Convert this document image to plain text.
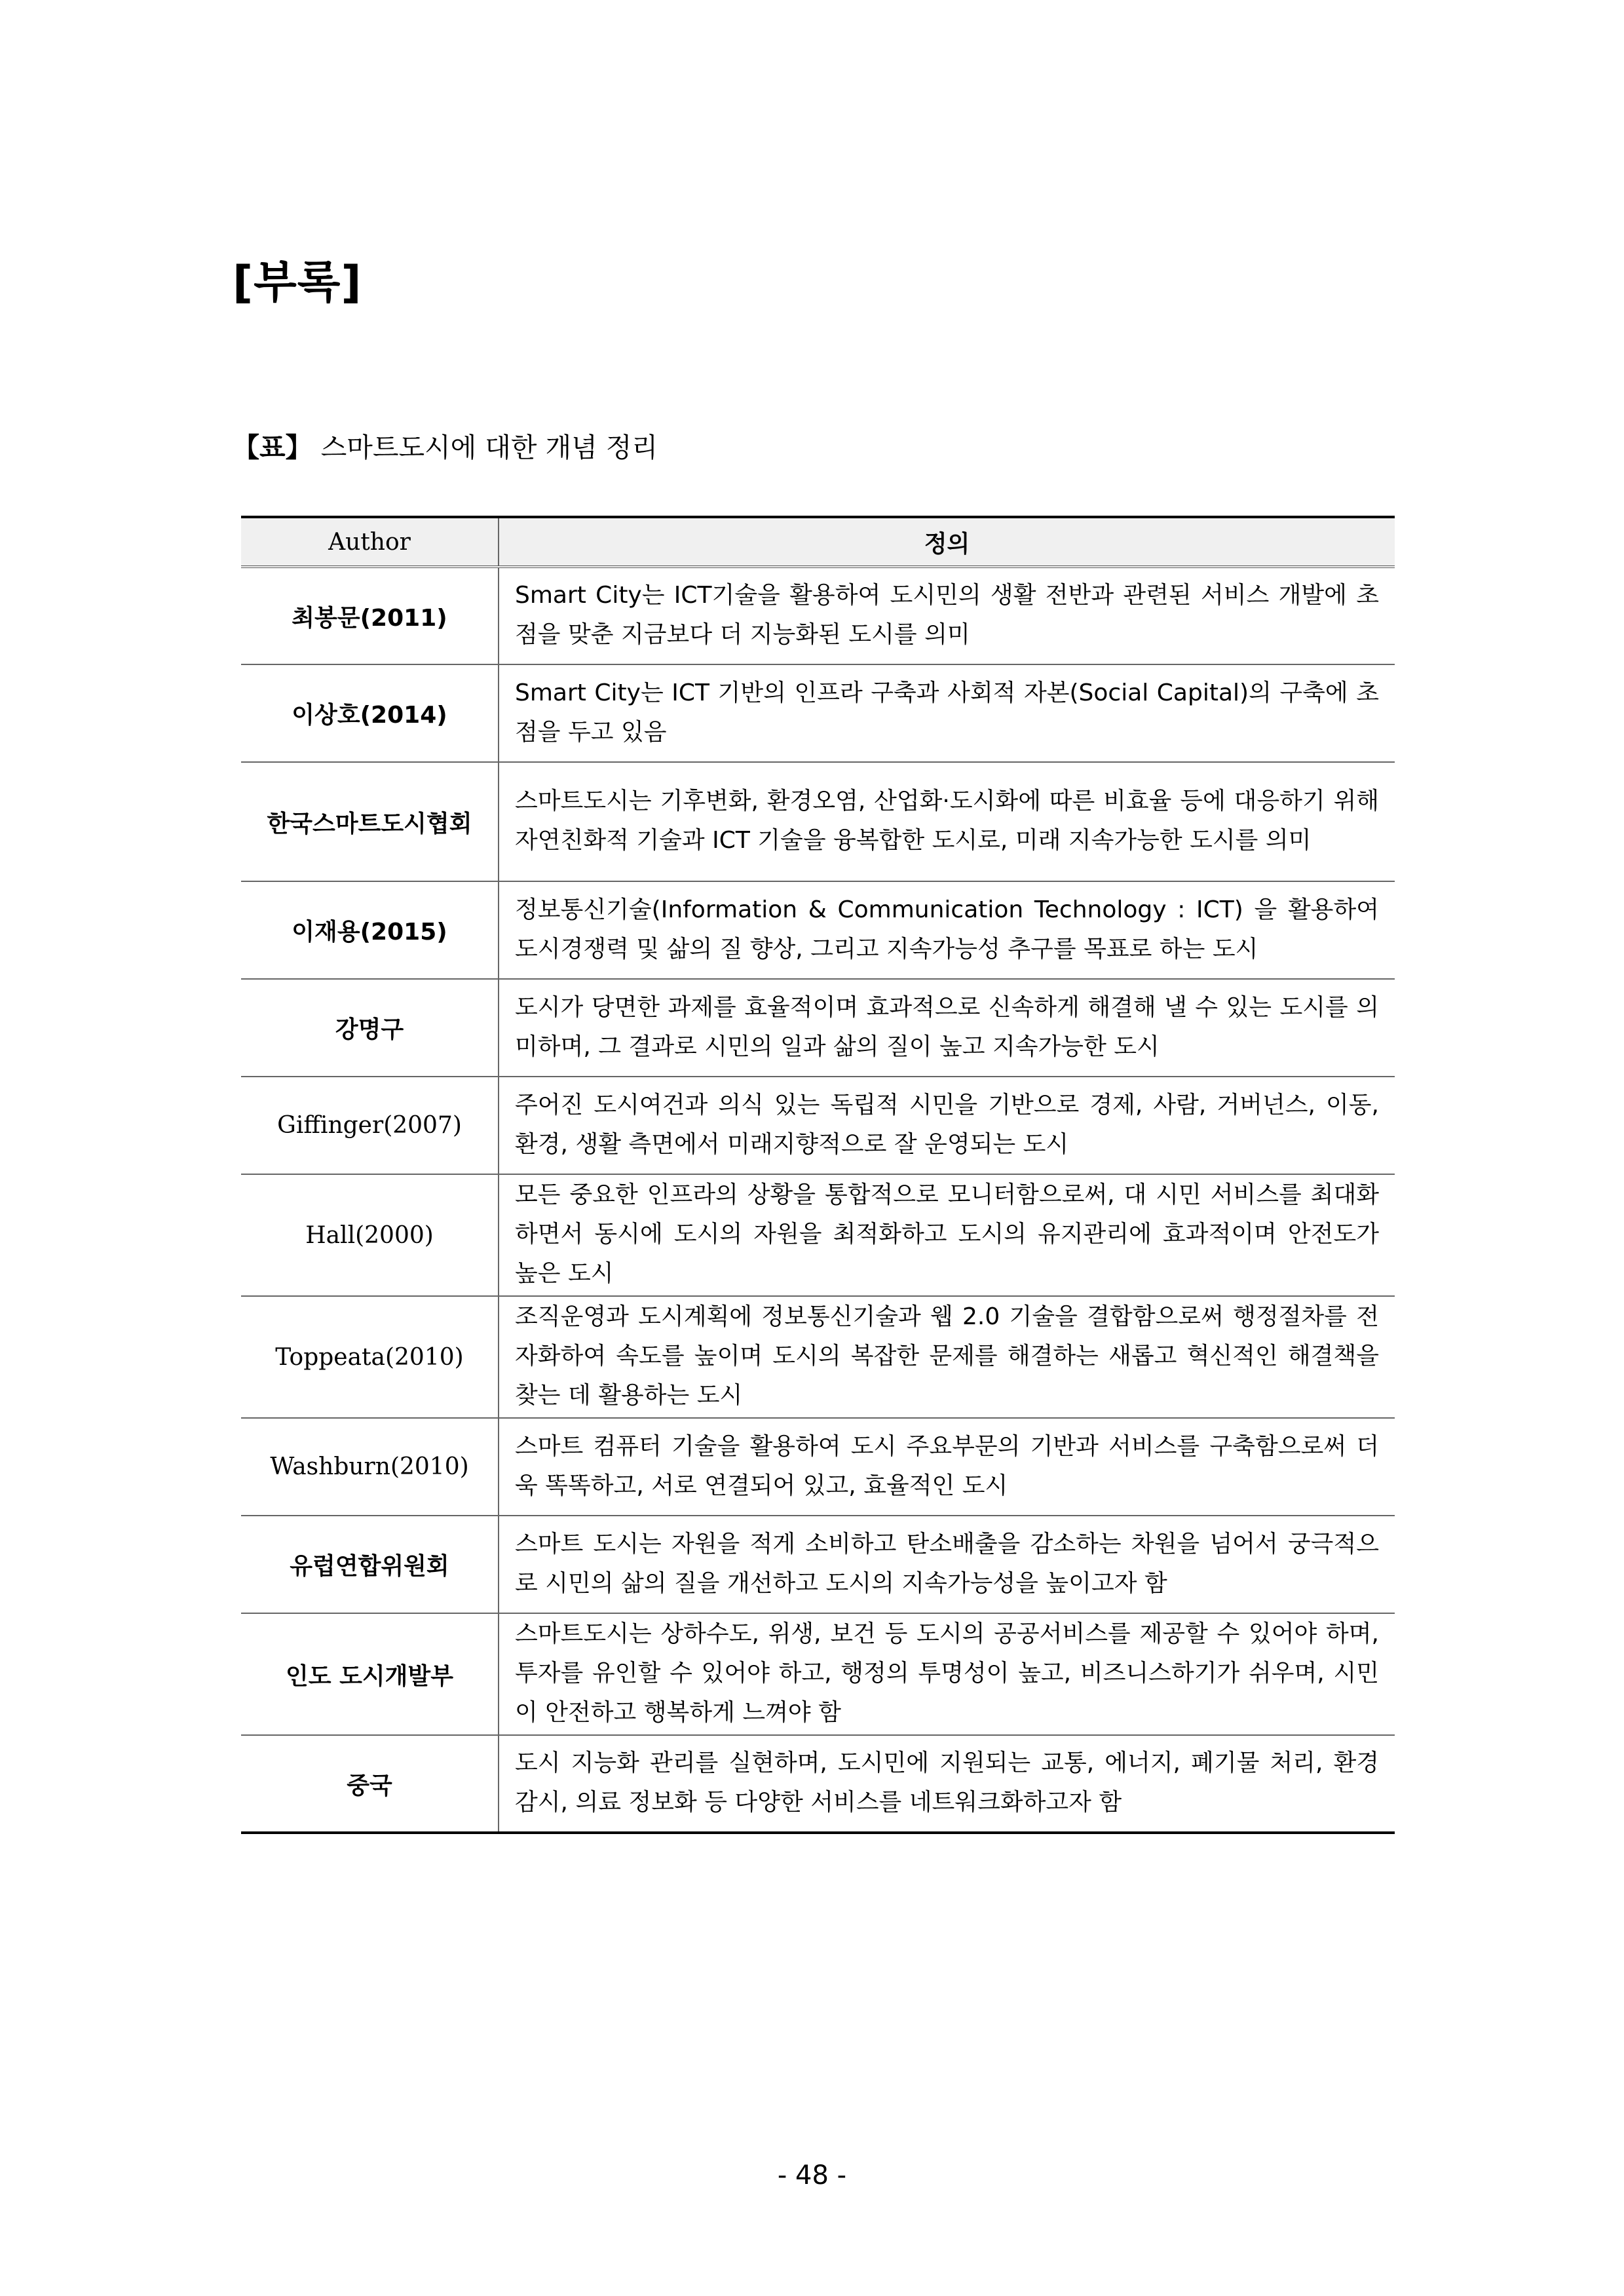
[부록]

【표】 스마트도시에 대한 개념 정리

Author	정의
최봉문(2011)	Smart City는 ICT기술을 활용하여 도시민의 생활 전반과 관련된 서비스 개발에 초점을 맞춘 지금보다 더 지능화된 도시를 의미
이상호(2014)	Smart City는 ICT 기반의 인프라 구축과 사회적 자본(Social Capital)의 구축에 초점을 두고 있음
한국스마트도시협회	스마트도시는 기후변화, 환경오염, 산업화·도시화에 따른 비효율 등에 대응하기 위해 자연친화적 기술과 ICT 기술을 융복합한 도시로, 미래 지속가능한 도시를 의미
이재용(2015)	정보통신기술(Information & Communication Technology : ICT) 을 활용하여 도시경쟁력 및 삶의 질 향상, 그리고 지속가능성 추구를 목표로 하는 도시
강명구	도시가 당면한 과제를 효율적이며 효과적으로 신속하게 해결해 낼 수 있는 도시를 의미하며, 그 결과로 시민의 일과 삶의 질이 높고 지속가능한 도시
Giffinger(2007)	주어진 도시여건과 의식 있는 독립적 시민을 기반으로 경제, 사람, 거버넌스, 이동, 환경, 생활 측면에서 미래지향적으로 잘 운영되는 도시
Hall(2000)	모든 중요한 인프라의 상황을 통합적으로 모니터함으로써, 대 시민 서비스를 최대화 하면서 동시에 도시의 자원을 최적화하고 도시의 유지관리에 효과적이며 안전도가 높은 도시
Toppeata(2010)	조직운영과 도시계획에 정보통신기술과 웹 2.0 기술을 결합함으로써 행정절차를 전자화하여 속도를 높이며 도시의 복잡한 문제를 해결하는 새롭고 혁신적인 해결책을 찾는 데 활용하는 도시
Washburn(2010)	스마트 컴퓨터 기술을 활용하여 도시 주요부문의 기반과 서비스를 구축함으로써 더욱 똑똑하고, 서로 연결되어 있고, 효율적인 도시
유럽연합위원회	스마트 도시는 자원을 적게 소비하고 탄소배출을 감소하는 차원을 넘어서 궁극적으로 시민의 삶의 질을 개선하고 도시의 지속가능성을 높이고자 함
인도 도시개발부	스마트도시는 상하수도, 위생, 보건 등 도시의 공공서비스를 제공할 수 있어야 하며, 투자를 유인할 수 있어야 하고, 행정의 투명성이 높고, 비즈니스하기가 쉬우며, 시민이 안전하고 행복하게 느껴야 함
중국	도시 지능화 관리를 실현하며, 도시민에 지원되는 교통, 에너지, 폐기물 처리, 환경 감시, 의료 정보화 등 다양한 서비스를 네트워크화하고자 함
- 48 -
